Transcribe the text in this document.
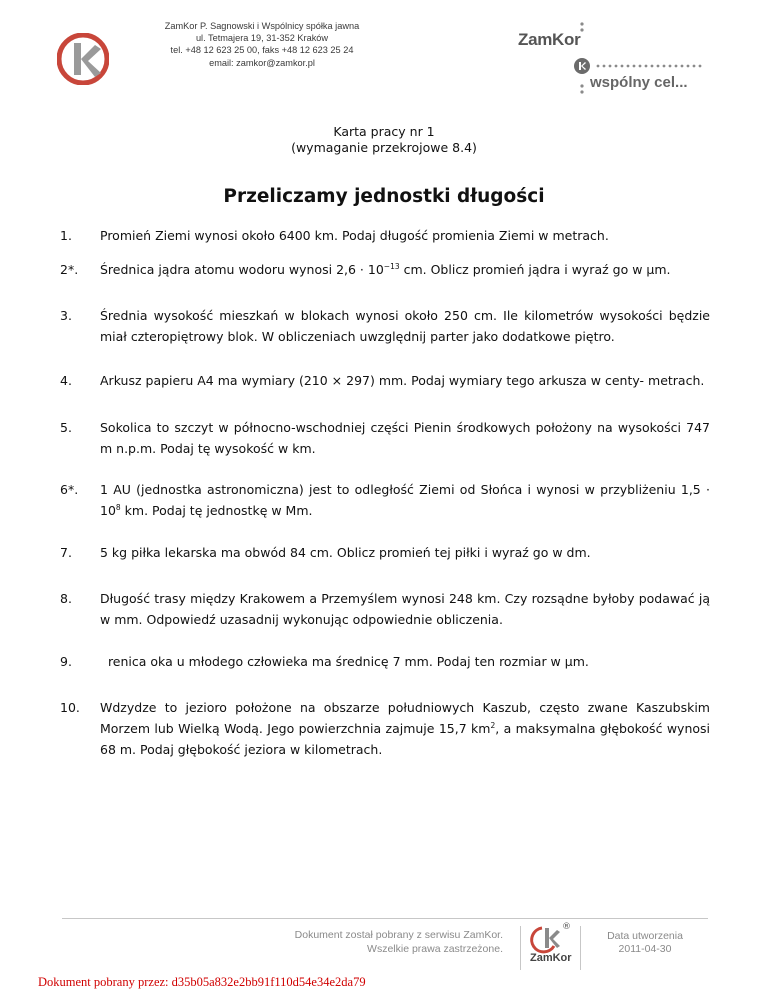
ZamKor P. Sagnowski i Wspólnicy spółka jawna
ul. Tetmajera 19, 31-352 Kraków
tel. +48 12 623 25 00, faks +48 12 623 25 24
email: zamkor@zamkor.pl
ZamKor
wspólny cel...
Karta pracy nr 1
(wymaganie przekrojowe 8.4)
Przeliczamy jednostki długości
1. Promień Ziemi wynosi około 6400 km. Podaj długość promienia Ziemi w metrach.
2*. Średnica jądra atomu wodoru wynosi $2,6 \cdot 10^{-13}$ cm. Oblicz promień jądra i wyraź go w μm.
3. Średnia wysokość mieszkań w blokach wynosi około 250 cm. Ile kilometrów wysokości będzie miał czteropiętrowy blok. W obliczeniach uwzględnij parter jako dodatkowe piętro.
4. Arkusz papieru A4 ma wymiary (210 × 297) mm. Podaj wymiary tego arkusza w centy- metrach.
5. Sokolica to szczyt w północno-wschodniej części Pienin środkowych położony na wysokości 747 m n.p.m. Podaj tę wysokość w km.
6*. 1 AU (jednostka astronomiczna) jest to odległość Ziemi od Słońca i wynosi w przybliżeniu $1,5 \cdot 10^8$ km. Podaj tę jednostkę w Mm.
7. 5 kg piłka lekarska ma obwód 84 cm. Oblicz promień tej piłki i wyraź go w dm.
8. Długość trasy między Krakowem a Przemyślem wynosi 248 km. Czy rozsądne byłoby podawać ją w mm. Odpowiedź uzasadnij wykonując odpowiednie obliczenia.
9. renica oka u młodego człowieka ma średnicę 7 mm. Podaj ten rozmiar w μm.
10. Wdzydze to jezioro położone na obszarze południowych Kaszub, często zwane Kaszubskim Morzem lub Wielką Wodą. Jego powierzchnia zajmuje 15,7 $km^2$, a maksymalna głębokość wynosi 68 m. Podaj głębokość jeziora w kilometrach.
Dokument został pobrany z serwisu ZamKor.
Wszelkie prawa zastrzeżone.
®
ZamKor
Data utworzenia
2011-04-30
Dokument pobrany przez: d35b05a832e2bb91f110d54e34e2da79
